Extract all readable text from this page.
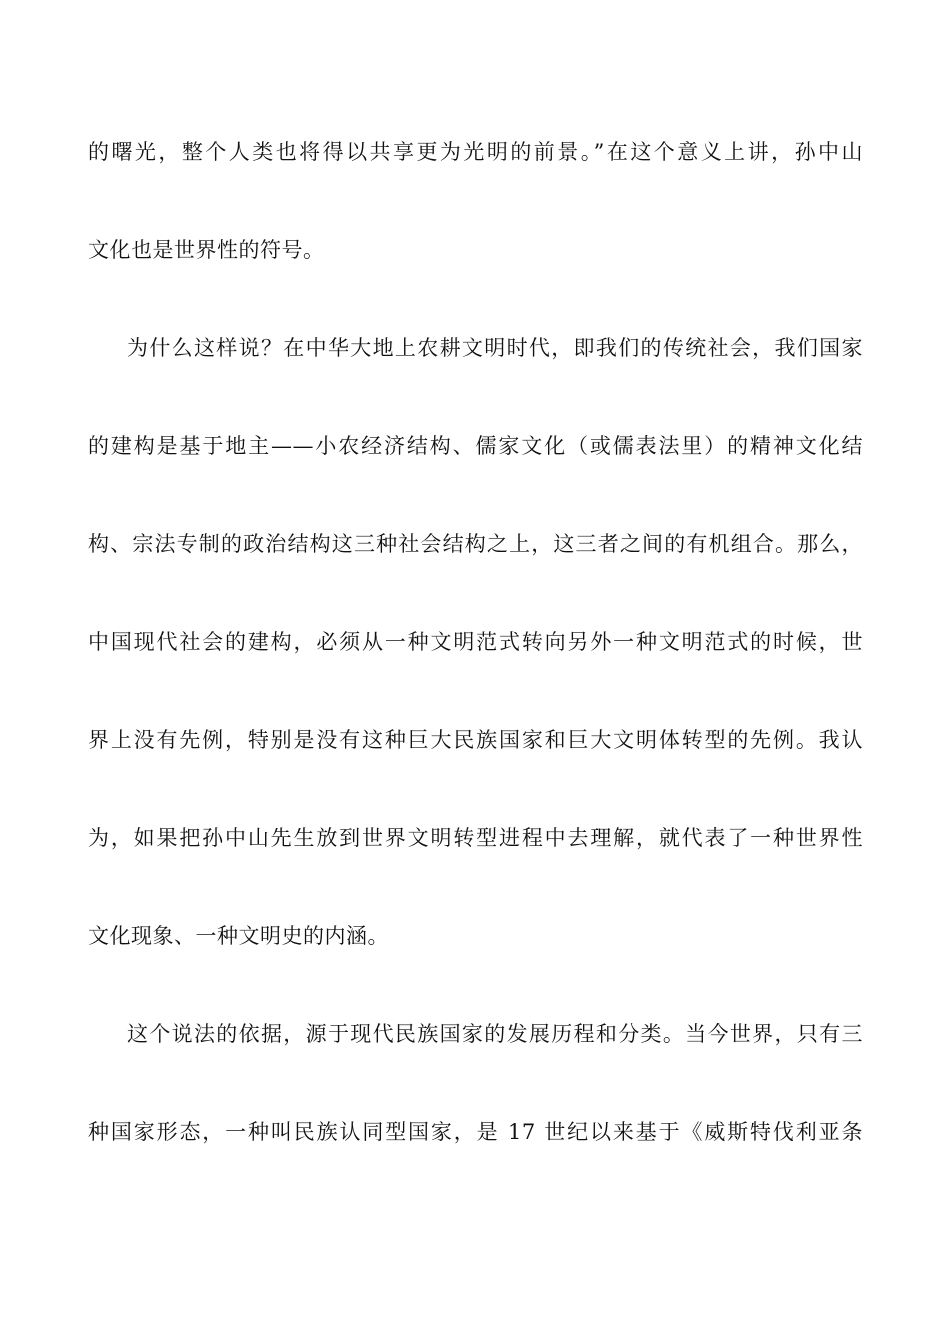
的曙光，整个人类也将得以共享更为光明的前景。”在这个意义上讲，孙中山
文化也是世界性的符号。
为什么这样说？在中华大地上农耕文明时代，即我们的传统社会，我们国家
的建构是基于地主——小农经济结构、儒家文化（或儒表法里）的精神文化结
构、宗法专制的政治结构这三种社会结构之上，这三者之间的有机组合。那么，
中国现代社会的建构，必须从一种文明范式转向另外一种文明范式的时候，世
界上没有先例，特别是没有这种巨大民族国家和巨大文明体转型的先例。我认
为，如果把孙中山先生放到世界文明转型进程中去理解，就代表了一种世界性
文化现象、一种文明史的内涵。
这个说法的依据，源于现代民族国家的发展历程和分类。当今世界，只有三
种国家形态，一种叫民族认同型国家，是 17 世纪以来基于《威斯特伐利亚条
